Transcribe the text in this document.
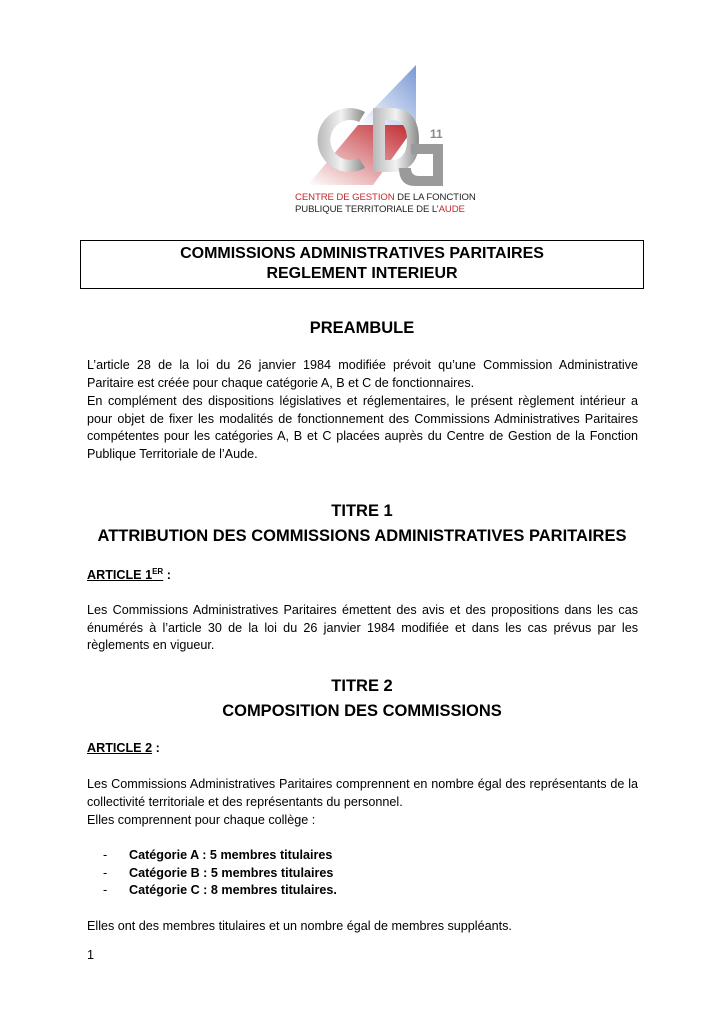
11
CENTRE DE GESTION DE LA FONCTION
PUBLIQUE TERRITORIALE DE L’AUDE
COMMISSIONS ADMINISTRATIVES PARITAIRES
REGLEMENT INTERIEUR
PREAMBULE
L’article 28 de la loi du 26 janvier 1984 modifiée prévoit qu’une Commission Administrative Paritaire est créée pour chaque catégorie A, B et C de fonctionnaires.
En complément des dispositions législatives et réglementaires, le présent règlement intérieur a pour objet de fixer les modalités de fonctionnement des Commissions Administratives Paritaires compétentes pour les catégories A, B et C placées auprès du Centre de Gestion de la Fonction Publique Territoriale de l’Aude.
TITRE 1
ATTRIBUTION DES COMMISSIONS ADMINISTRATIVES PARITAIRES
ARTICLE 1ER :
Les Commissions Administratives Paritaires émettent des avis et des propositions dans les cas énumérés à l’article 30 de la loi du 26 janvier 1984 modifiée et dans les cas prévus par les règlements en vigueur.
TITRE 2
COMPOSITION DES COMMISSIONS
ARTICLE 2 :
Les Commissions Administratives Paritaires comprennent en nombre égal des représentants de la collectivité territoriale et des représentants du personnel.
Elles comprennent pour chaque collège :
-	Catégorie A : 5 membres titulaires
-	Catégorie B : 5 membres titulaires
-	Catégorie C : 8 membres titulaires.
Elles ont des membres titulaires et un nombre égal de membres suppléants.
1
